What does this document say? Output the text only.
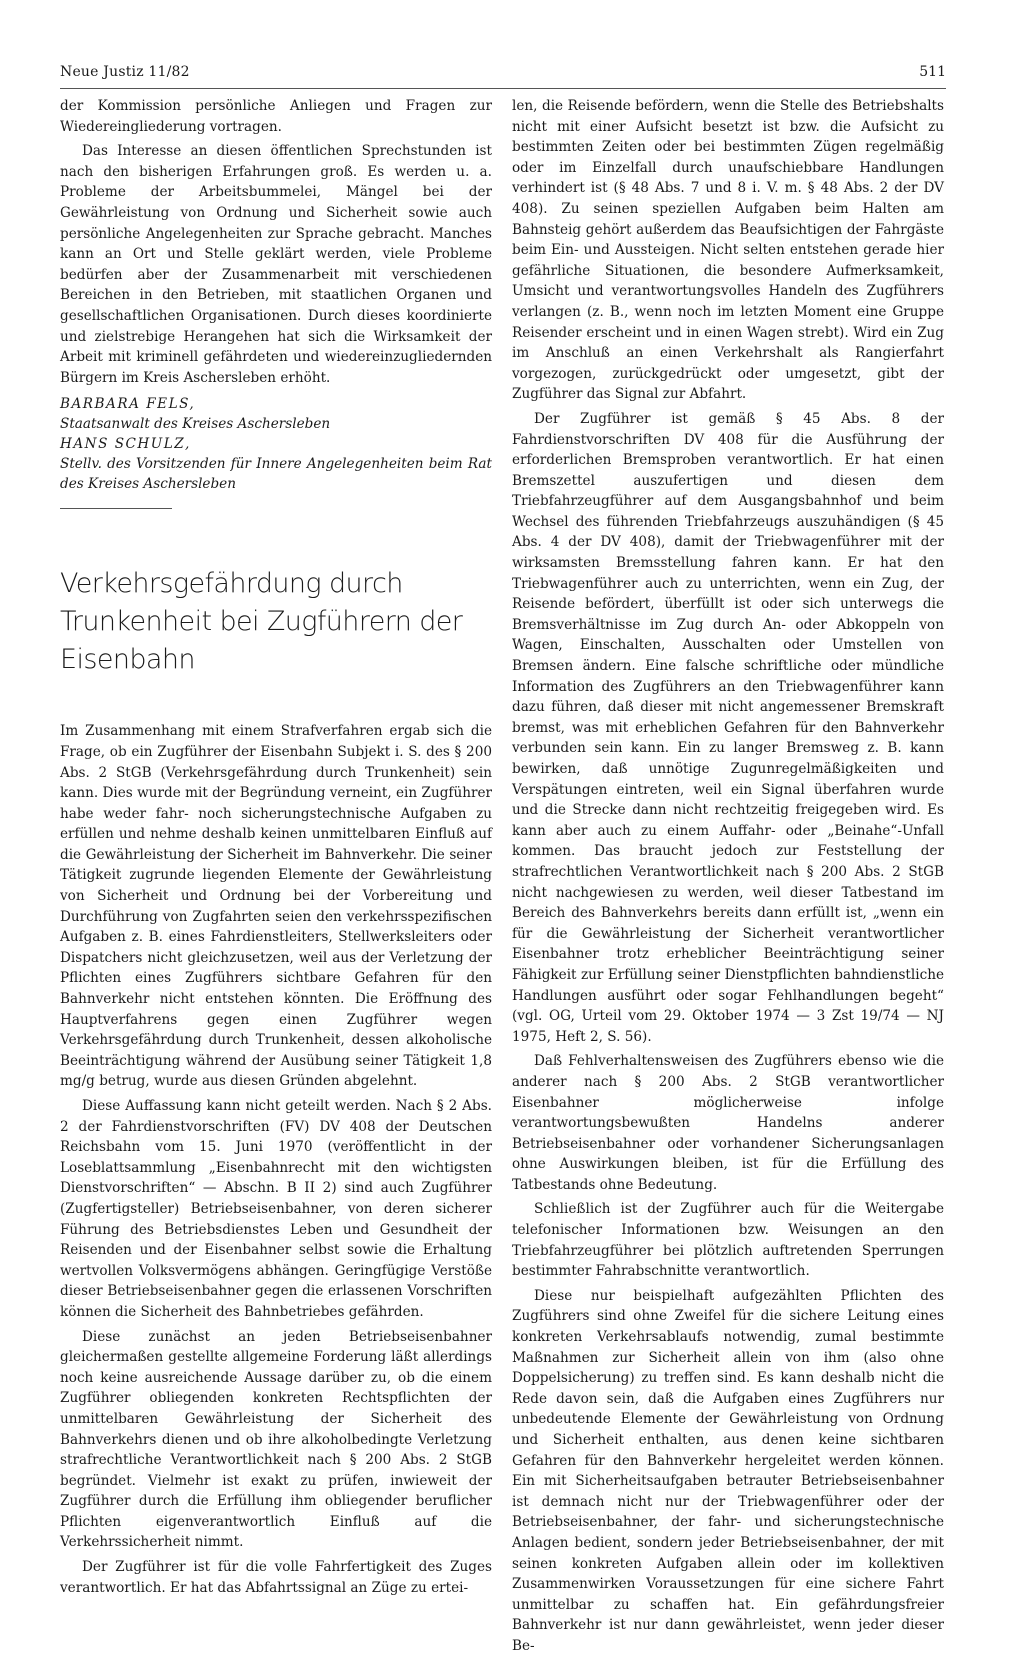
Neue Justiz 11/82	511

der Kommission persönliche Anliegen und Fragen zur Wiedereingliederung vortragen.

Das Interesse an diesen öffentlichen Sprechstunden ist nach den bisherigen Erfahrungen groß. Es werden u. a. Probleme der Arbeitsbummelei, Mängel bei der Gewährleistung von Ordnung und Sicherheit sowie auch persönliche Angelegenheiten zur Sprache gebracht. Manches kann an Ort und Stelle geklärt werden, viele Probleme bedürfen aber der Zusammenarbeit mit verschiedenen Bereichen in den Betrieben, mit staatlichen Organen und gesellschaftlichen Organisationen. Durch dieses koordinierte und zielstrebige Herangehen hat sich die Wirksamkeit der Arbeit mit kriminell gefährdeten und wiedereinzugliedernden Bürgern im Kreis Aschersleben erhöht.

BARBARA FELS,
Staatsanwalt des Kreises Aschersleben
HANS SCHULZ,
Stellv. des Vorsitzenden für Innere Angelegenheiten beim Rat des Kreises Aschersleben
Verkehrsgefährdung durch Trunkenheit bei Zugführern der Eisenbahn

Im Zusammenhang mit einem Strafverfahren ergab sich die Frage, ob ein Zugführer der Eisenbahn Subjekt i. S. des § 200 Abs. 2 StGB (Verkehrsgefährdung durch Trunkenheit) sein kann. Dies wurde mit der Begründung verneint, ein Zugführer habe weder fahr- noch sicherungstechnische Aufgaben zu erfüllen und nehme deshalb keinen unmittelbaren Einfluß auf die Gewährleistung der Sicherheit im Bahnverkehr. Die seiner Tätigkeit zugrunde liegenden Elemente der Gewährleistung von Sicherheit und Ordnung bei der Vorbereitung und Durchführung von Zugfahrten seien den verkehrsspezifischen Aufgaben z. B. eines Fahrdienstleiters, Stellwerksleiters oder Dispatchers nicht gleichzusetzen, weil aus der Verletzung der Pflichten eines Zugführers sichtbare Gefahren für den Bahnverkehr nicht entstehen könnten. Die Eröffnung des Hauptverfahrens gegen einen Zugführer wegen Verkehrsgefährdung durch Trunkenheit, dessen alkoholische Beeinträchtigung während der Ausübung seiner Tätigkeit 1,8 mg/g betrug, wurde aus diesen Gründen abgelehnt.

Diese Auffassung kann nicht geteilt werden. Nach § 2 Abs. 2 der Fahrdienstvorschriften (FV) DV 408 der Deutschen Reichsbahn vom 15. Juni 1970 (veröffentlicht in der Loseblattsammlung „Eisenbahnrecht mit den wichtigsten Dienstvorschriften“ — Abschn. B II 2) sind auch Zugführer (Zugfertigsteller) Betriebseisenbahner, von deren sicherer Führung des Betriebsdienstes Leben und Gesundheit der Reisenden und der Eisenbahner selbst sowie die Erhaltung wertvollen Volksvermögens abhängen. Geringfügige Verstöße dieser Betriebseisenbahner gegen die erlassenen Vorschriften können die Sicherheit des Bahnbetriebes gefährden.

Diese zunächst an jeden Betriebseisenbahner gleichermaßen gestellte allgemeine Forderung läßt allerdings noch keine ausreichende Aussage darüber zu, ob die einem Zugführer obliegenden konkreten Rechtspflichten der unmittelbaren Gewährleistung der Sicherheit des Bahnverkehrs dienen und ob ihre alkoholbedingte Verletzung strafrechtliche Verantwortlichkeit nach § 200 Abs. 2 StGB begründet. Vielmehr ist exakt zu prüfen, inwieweit der Zugführer durch die Erfüllung ihm obliegender beruflicher Pflichten eigenverantwortlich Einfluß auf die Verkehrssicherheit nimmt.

Der Zugführer ist für die volle Fahrfertigkeit des Zuges verantwortlich. Er hat das Abfahrtssignal an Züge zu ertei-

len, die Reisende befördern, wenn die Stelle des Betriebshalts nicht mit einer Aufsicht besetzt ist bzw. die Aufsicht zu bestimmten Zeiten oder bei bestimmten Zügen regelmäßig oder im Einzelfall durch unaufschiebbare Handlungen verhindert ist (§ 48 Abs. 7 und 8 i. V. m. § 48 Abs. 2 der DV 408). Zu seinen speziellen Aufgaben beim Halten am Bahnsteig gehört außerdem das Beaufsichtigen der Fahrgäste beim Ein- und Aussteigen. Nicht selten entstehen gerade hier gefährliche Situationen, die besondere Aufmerksamkeit, Umsicht und verantwortungsvolles Handeln des Zugführers verlangen (z. B., wenn noch im letzten Moment eine Gruppe Reisender erscheint und in einen Wagen strebt). Wird ein Zug im Anschluß an einen Verkehrshalt als Rangierfahrt vorgezogen, zurückgedrückt oder umgesetzt, gibt der Zugführer das Signal zur Abfahrt.

Der Zugführer ist gemäß § 45 Abs. 8 der Fahrdienstvorschriften DV 408 für die Ausführung der erforderlichen Bremsproben verantwortlich. Er hat einen Bremszettel auszufertigen und diesen dem Triebfahrzeugführer auf dem Ausgangsbahnhof und beim Wechsel des führenden Triebfahrzeugs auszuhändigen (§ 45 Abs. 4 der DV 408), damit der Triebwagenführer mit der wirksamsten Bremsstellung fahren kann. Er hat den Triebwagenführer auch zu unterrichten, wenn ein Zug, der Reisende befördert, überfüllt ist oder sich unterwegs die Bremsverhältnisse im Zug durch An- oder Abkoppeln von Wagen, Einschalten, Ausschalten oder Umstellen von Bremsen ändern. Eine falsche schriftliche oder mündliche Information des Zugführers an den Triebwagenführer kann dazu führen, daß dieser mit nicht angemessener Bremskraft bremst, was mit erheblichen Gefahren für den Bahnverkehr verbunden sein kann. Ein zu langer Bremsweg z. B. kann bewirken, daß unnötige Zugunregelmäßigkeiten und Verspätungen eintreten, weil ein Signal überfahren wurde und die Strecke dann nicht rechtzeitig freigegeben wird. Es kann aber auch zu einem Auffahr- oder „Beinahe“-Unfall kommen. Das braucht jedoch zur Feststellung der strafrechtlichen Verantwortlichkeit nach § 200 Abs. 2 StGB nicht nachgewiesen zu werden, weil dieser Tatbestand im Bereich des Bahnverkehrs bereits dann erfüllt ist, „wenn ein für die Gewährleistung der Sicherheit verantwortlicher Eisenbahner trotz erheblicher Beeinträchtigung seiner Fähigkeit zur Erfüllung seiner Dienstpflichten bahndienstliche Handlungen ausführt oder sogar Fehlhandlungen begeht“ (vgl. OG, Urteil vom 29. Oktober 1974 — 3 Zst 19/74 — NJ 1975, Heft 2, S. 56).

Daß Fehlverhaltensweisen des Zugführers ebenso wie die anderer nach § 200 Abs. 2 StGB verantwortlicher Eisenbahner möglicherweise infolge verantwortungsbewußten Handelns anderer Betriebseisenbahner oder vorhandener Sicherungsanlagen ohne Auswirkungen bleiben, ist für die Erfüllung des Tatbestands ohne Bedeutung.

Schließlich ist der Zugführer auch für die Weitergabe telefonischer Informationen bzw. Weisungen an den Triebfahrzeugführer bei plötzlich auftretenden Sperrungen bestimmter Fahrabschnitte verantwortlich.

Diese nur beispielhaft aufgezählten Pflichten des Zugführers sind ohne Zweifel für die sichere Leitung eines konkreten Verkehrsablaufs notwendig, zumal bestimmte Maßnahmen zur Sicherheit allein von ihm (also ohne Doppelsicherung) zu treffen sind. Es kann deshalb nicht die Rede davon sein, daß die Aufgaben eines Zugführers nur unbedeutende Elemente der Gewährleistung von Ordnung und Sicherheit enthalten, aus denen keine sichtbaren Gefahren für den Bahnverkehr hergeleitet werden können. Ein mit Sicherheitsaufgaben betrauter Betriebseisenbahner ist demnach nicht nur der Triebwagenführer oder der Betriebseisenbahner, der fahr- und sicherungstechnische Anlagen bedient, sondern jeder Betriebseisenbahner, der mit seinen konkreten Aufgaben allein oder im kollektiven Zusammenwirken Voraussetzungen für eine sichere Fahrt unmittelbar zu schaffen hat. Ein gefährdungsfreier Bahnverkehr ist nur dann gewährleistet, wenn jeder dieser Be-
